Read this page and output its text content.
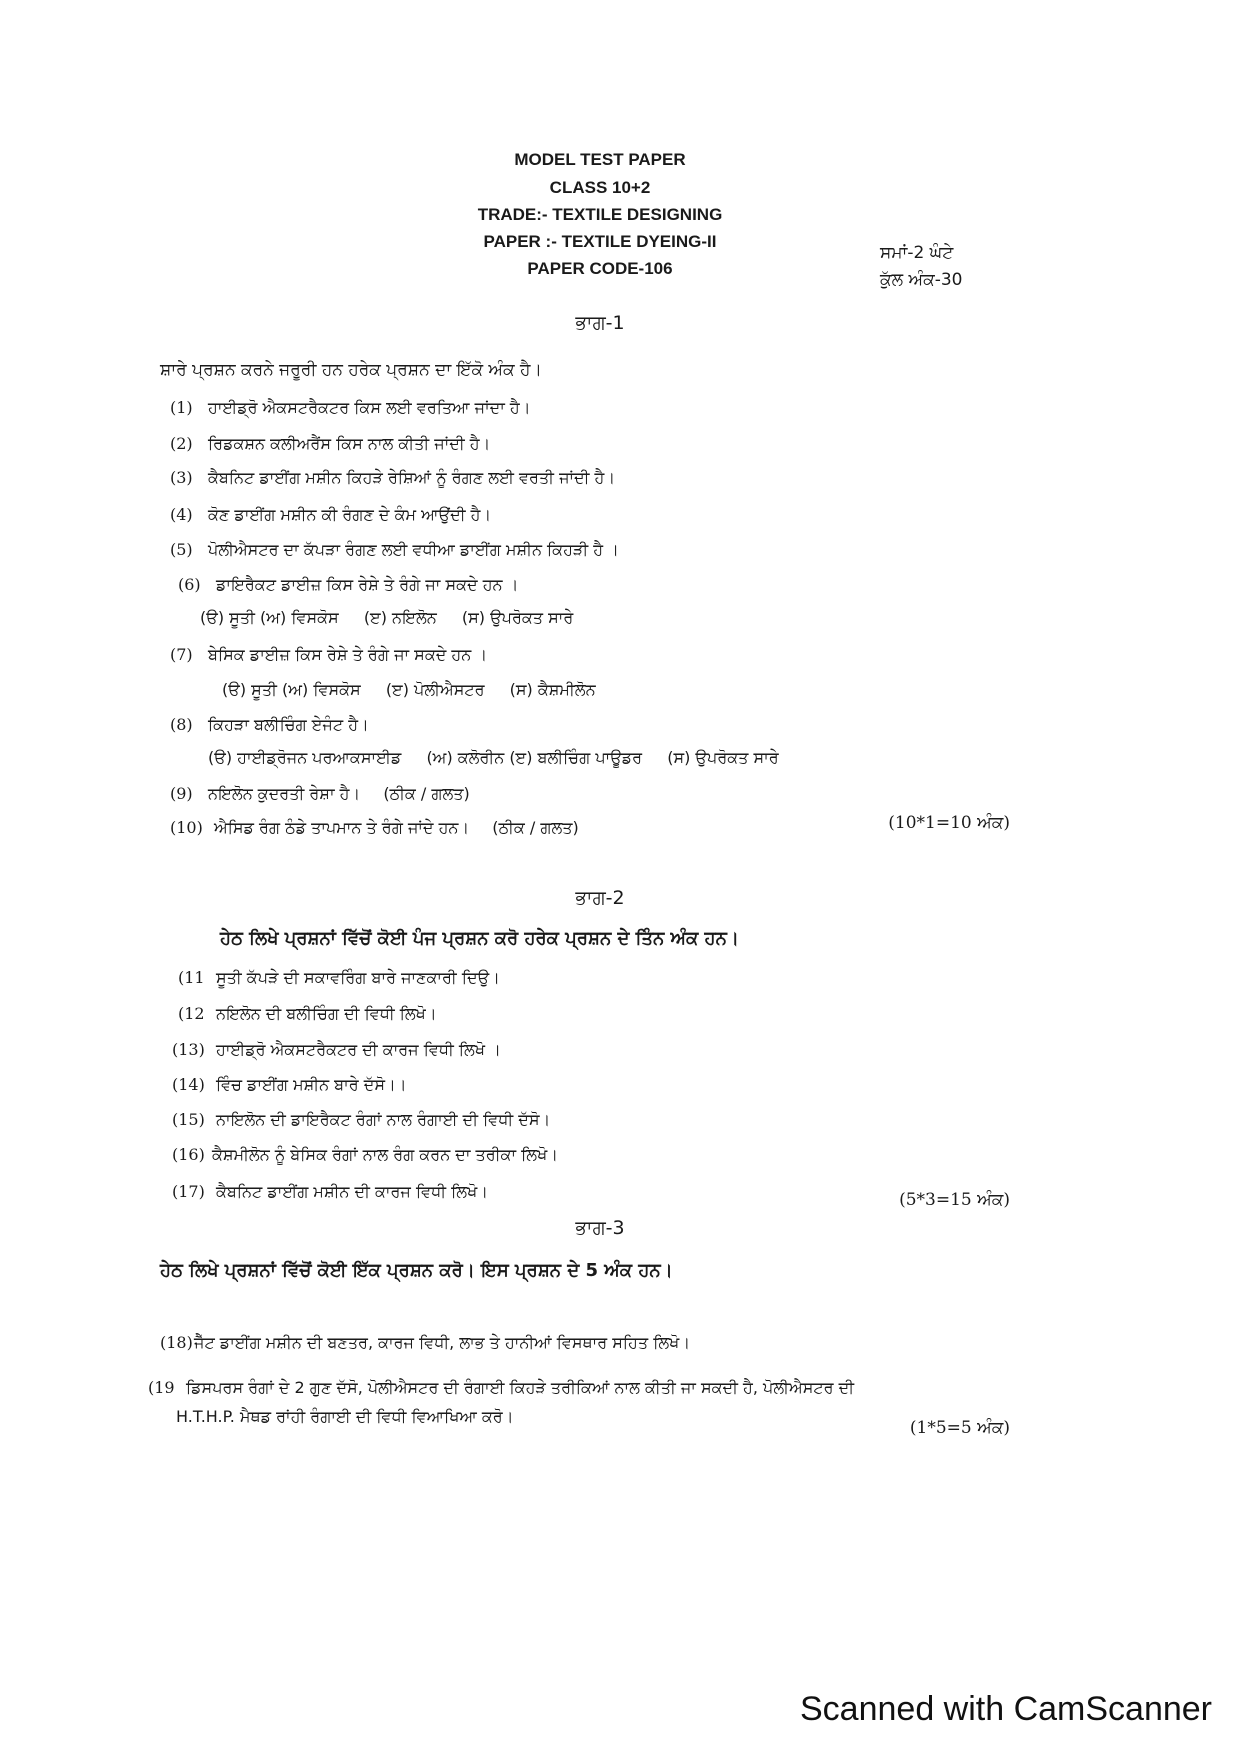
MODEL TEST PAPER
CLASS 10+2
TRADE:- TEXTILE DESIGNING
PAPER :- TEXTILE DYEING-II
PAPER CODE-106
ਸਮਾਂ-2 ਘੰਟੇ
ਕੁੱਲ ਅੰਕ-30
ਭਾਗ-1
ਸ਼ਾਰੇ ਪ੍ਰਸ਼ਨ ਕਰਨੇ ਜਰੂਰੀ ਹਨ ਹਰੇਕ ਪ੍ਰਸ਼ਨ ਦਾ ਇੱਕੋ ਅੰਕ ਹੈ।
(1) ਹਾਈਡ੍ਰੋ ਐਕਸਟਰੈਕਟਰ ਕਿਸ ਲਈ ਵਰਤਿਆ ਜਾਂਦਾ ਹੈ।
(2) ਰਿਡਕਸ਼ਨ ਕਲੀਅਰੈਂਸ ਕਿਸ ਨਾਲ ਕੀਤੀ ਜਾਂਦੀ ਹੈ।
(3) ਕੈਬਨਿਟ ਡਾਈਂਗ ਮਸ਼ੀਨ ਕਿਹੜੇ ਰੇਸ਼ਿਆਂ ਨੂੰ ਰੰਗਣ ਲਈ ਵਰਤੀ ਜਾਂਦੀ ਹੈ।
(4) ਕੋਣ ਡਾਈਂਗ ਮਸ਼ੀਨ ਕੀ ਰੰਗਣ ਦੇ ਕੰਮ ਆਉਂਦੀ ਹੈ।
(5) ਪੋਲੀਐਸਟਰ ਦਾ ਕੱਪੜਾ ਰੰਗਣ ਲਈ ਵਧੀਆ ਡਾਈਂਗ ਮਸ਼ੀਨ ਕਿਹੜੀ ਹੈ ।
(6) ਡਾਇਰੈਕਟ ਡਾਈਜ਼ ਕਿਸ ਰੇਸ਼ੇ ਤੇ ਰੰਗੇ ਜਾ ਸਕਦੇ ਹਨ ।
(ੳ) ਸੂਤੀ (ਅ) ਵਿਸਕੋਸ (ੲ) ਨਇਲੋਨ (ਸ) ਉਪਰੋਕਤ ਸਾਰੇ
(7) ਬੇਸਿਕ ਡਾਈਜ਼ ਕਿਸ ਰੇਸ਼ੇ ਤੇ ਰੰਗੇ ਜਾ ਸਕਦੇ ਹਨ ।
(ੳ) ਸੂਤੀ (ਅ) ਵਿਸਕੋਸ (ੲ) ਪੋਲੀਐਸਟਰ (ਸ) ਕੈਸ਼ਮੀਲੋਨ
(8) ਕਿਹੜਾ ਬਲੀਚਿੰਗ ਏਜੰਟ ਹੈ।
(ੳ) ਹਾਈਡ੍ਰੋਜਨ ਪਰਆਕਸਾਈਡ (ਅ) ਕਲੋਰੀਨ (ੲ) ਬਲੀਚਿੰਗ ਪਾਊਡਰ (ਸ) ਉਪਰੋਕਤ ਸਾਰੇ
(9) ਨਇਲੋਨ ਕੁਦਰਤੀ ਰੇਸ਼ਾ ਹੈ। (ਠੀਕ / ਗਲਤ)
(10) ਐਸਿਡ ਰੰਗ ਠੰਡੇ ਤਾਪਮਾਨ ਤੇ ਰੰਗੇ ਜਾਂਦੇ ਹਨ। (ਠੀਕ / ਗਲਤ)	(10*1=10 ਅੰਕ)
ਭਾਗ-2
ਹੇਠ ਲਿਖੇ ਪ੍ਰਸ਼ਨਾਂ ਵਿੱਚੋਂ ਕੋਈ ਪੰਜ ਪ੍ਰਸ਼ਨ ਕਰੋ ਹਰੇਕ ਪ੍ਰਸ਼ਨ ਦੇ ਤਿੰਨ ਅੰਕ ਹਨ।
(11 ਸੂਤੀ ਕੱਪੜੇ ਦੀ ਸਕਾਵਰਿੰਗ ਬਾਰੇ ਜਾਣਕਾਰੀ ਦਿਉ।
(12 ਨਇਲੋਨ ਦੀ ਬਲੀਚਿੰਗ ਦੀ ਵਿਧੀ ਲਿਖੋ।
(13) ਹਾਈਡ੍ਰੋ ਐਕਸਟਰੈਕਟਰ ਦੀ ਕਾਰਜ ਵਿਧੀ ਲਿਖੋ ।
(14) ਵਿੰਚ ਡਾਈਂਗ ਮਸ਼ੀਨ ਬਾਰੇ ਦੱਸੋ।।
(15) ਨਾਇਲੋਨ ਦੀ ਡਾਇਰੈਕਟ ਰੰਗਾਂ ਨਾਲ ਰੰਗਾਈ ਦੀ ਵਿਧੀ ਦੱਸੋ।
(16) ਕੈਸ਼ਮੀਲੋਨ ਨੂੰ ਬੇਸਿਕ ਰੰਗਾਂ ਨਾਲ ਰੰਗ ਕਰਨ ਦਾ ਤਰੀਕਾ ਲਿਖੋ।
(17) ਕੈਬਨਿਟ ਡਾਈਂਗ ਮਸ਼ੀਨ ਦੀ ਕਾਰਜ ਵਿਧੀ ਲਿਖੋ।	(5*3=15 ਅੰਕ)
ਭਾਗ-3
ਹੇਠ ਲਿਖੇ ਪ੍ਰਸ਼ਨਾਂ ਵਿੱਚੋਂ ਕੋਈ ਇੱਕ ਪ੍ਰਸ਼ਨ ਕਰੋ। ਇਸ ਪ੍ਰਸ਼ਨ ਦੇ 5 ਅੰਕ ਹਨ।
(18)ਜੈੱਟ ਡਾਈਂਗ ਮਸ਼ੀਨ ਦੀ ਬਣਤਰ, ਕਾਰਜ ਵਿਧੀ, ਲਾਭ ਤੇ ਹਾਨੀਆਂ ਵਿਸਥਾਰ ਸਹਿਤ ਲਿਖੋ।
(19 ਡਿਸਪਰਸ ਰੰਗਾਂ ਦੇ 2 ਗੁਣ ਦੱਸੋ, ਪੋਲੀਐਸਟਰ ਦੀ ਰੰਗਾਈ ਕਿਹੜੇ ਤਰੀਕਿਆਂ ਨਾਲ ਕੀਤੀ ਜਾ ਸਕਦੀ ਹੈ, ਪੋਲੀਐਸਟਰ ਦੀ
H.T.H.P. ਮੈਥਡ ਰਾਂਹੀ ਰੰਗਾਈ ਦੀ ਵਿਧੀ ਵਿਆਖਿਆ ਕਰੋ।
(1*5=5 ਅੰਕ)
Scanned with CamScanner
